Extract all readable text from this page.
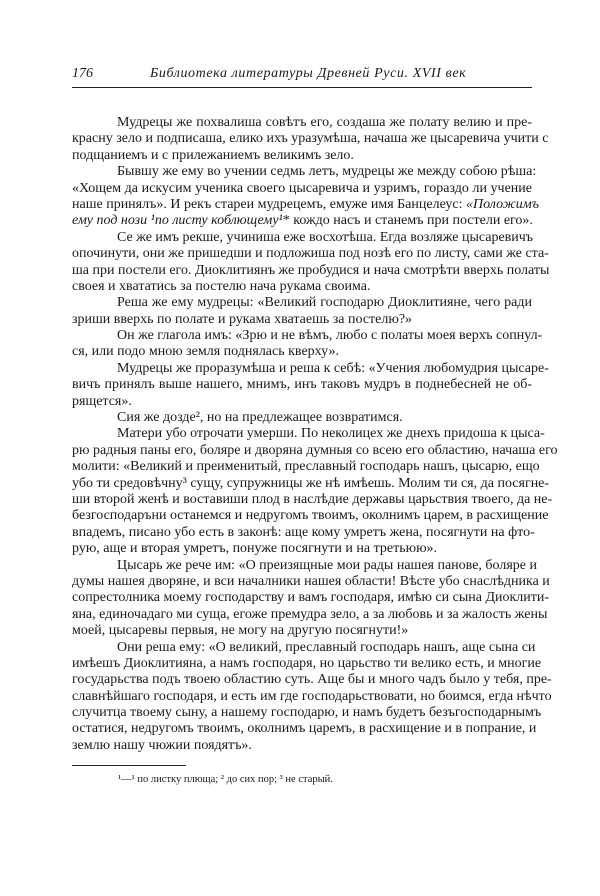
176	Библиотека литературы Древней Руси. XVII век
Мудрецы же похвалиша совѣтъ его, создаша же полату велию и пре-
красну зело и подписаша, елико ихъ уразумѣша, начаша же цысаревича учити с
подщаниемъ и с прилежаниемъ великимъ зело.
Бывшу же ему во учении седмь летъ, мудрецы же между собою рѣша:
«Хощем да искусим ученика своего цысаревича и узримъ, гораздо ли учение
наше принялъ». И рекъ стареи мудрецемъ, емуже имя Банцелеус: «Положимъ
ему под нози ¹по листу коблющему¹* кождо насъ и станемъ при постели его».
Се же имъ рекше, учиниша еже восхотѣша. Егда возляже цысаревичъ
опочинути, они же пришедши и подложиша под нозѣ его по листу, сами же ста-
ша при постели его. Диоклитиянъ же пробудися и нача смотрѣти вверхь полаты
своея и хвататись за постелю нача рукама своима.
Реша же ему мудрецы: «Великий господарю Диоклитияне, чего ради
зриши вверхь по полате и рукама хватаешь за постелю?»
Он же глагола имъ: «Зрю и не вѣмъ, любо с полаты моея верхъ сопнул-
ся, или подо мною земля поднялась кверху».
Мудрецы же проразумѣша и реша к себѣ: «Учения любомудрия цысаре-
вичъ принялъ выше нашего, мнимъ, инъ таковъ мудръ в поднебесней не об-
рящется».
Сия же дозде², но на предлежащее возвратимся.
Матери убо отрочати умерши. По неколицех же днехъ придоша к цыса-
рю радныя паны его, боляре и дворяна думныя со всею его областию, начаша его
молити: «Великий и преименитый, преславный господарь нашъ, цысарю, ещо
убо ти средовѣчну³ сущу, супружницы же нѣ имѣешь. Молим ти ся, да посягне-
ши второй женѣ и воставиши плод в наслѣдие державы царьствия твоего, да не-
безгосподаръни останемся и недругомъ твоимъ, околнимъ царем, в расхищение
впадемъ, писано убо есть в законѣ: аще кому умретъ жена, посягнути на фто-
рую, аще и вторая умретъ, понуже посягнути и на третьюю».
Цысарь же рече им: «О преизящные мои рады нашея панове, боляре и
думы нашея дворяне, и вси началники нашея области! Вѣсте убо снаслѣдника и
сопрестолника моему господарству и вамъ господаря, имѣю си сына Диоклити-
яна, единочадаго ми суща, егоже премудра зело, а за любовь и за жалость жены
моей, цысаревы первыя, не могу на другую посягнути!»
Они реша ему: «О великий, преславный господарь нашъ, аще сына си
имѣешъ Диоклитияна, а намъ господаря, но царьство ти велико есть, и многие
государьства подъ твоею областию суть. Аще бы и много чадъ было у тебя, пре-
славнѣйшаго господаря, и есть им где господарьствовати, но боимся, егда нѣчто
случитца твоему сыну, а нашему господарю, и намъ будетъ безъгосподарнымъ
остатися, недругомъ твоимъ, околнимъ царемъ, в расхищение и в попрание, и
землю нашу чюжии поядятъ».
¹—¹ по листку плюща; ² до сих пор; ³ не старый.
